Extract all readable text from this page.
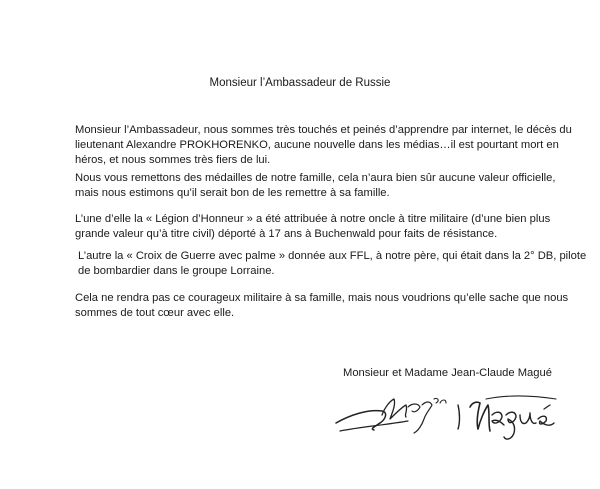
Monsieur l’Ambassadeur de Russie

Monsieur l’Ambassadeur, nous sommes très touchés et peinés d’apprendre par internet, le décès du

lieutenant Alexandre PROKHORENKO, aucune nouvelle dans les médias…il est pourtant mort en

héros, et nous sommes très fiers de lui.

Nous vous remettons des médailles de notre famille, cela n’aura bien sûr aucune valeur officielle,

mais nous estimons qu’il serait bon de les remettre à sa famille.

L’une d’elle la « Légion d’Honneur » a été attribuée à notre oncle à titre militaire (d’une bien plus

grande valeur qu’à titre civil) déporté à 17 ans à Buchenwald pour faits de résistance.

L’autre la « Croix de Guerre avec palme » donnée aux FFL, à notre père, qui était dans la 2° DB, pilote

de bombardier dans le groupe Lorraine.

Cela ne rendra pas ce courageux militaire à sa famille, mais nous voudrions qu’elle sache que nous

sommes de tout cœur avec elle.

Monsieur et Madame Jean-Claude Magué
